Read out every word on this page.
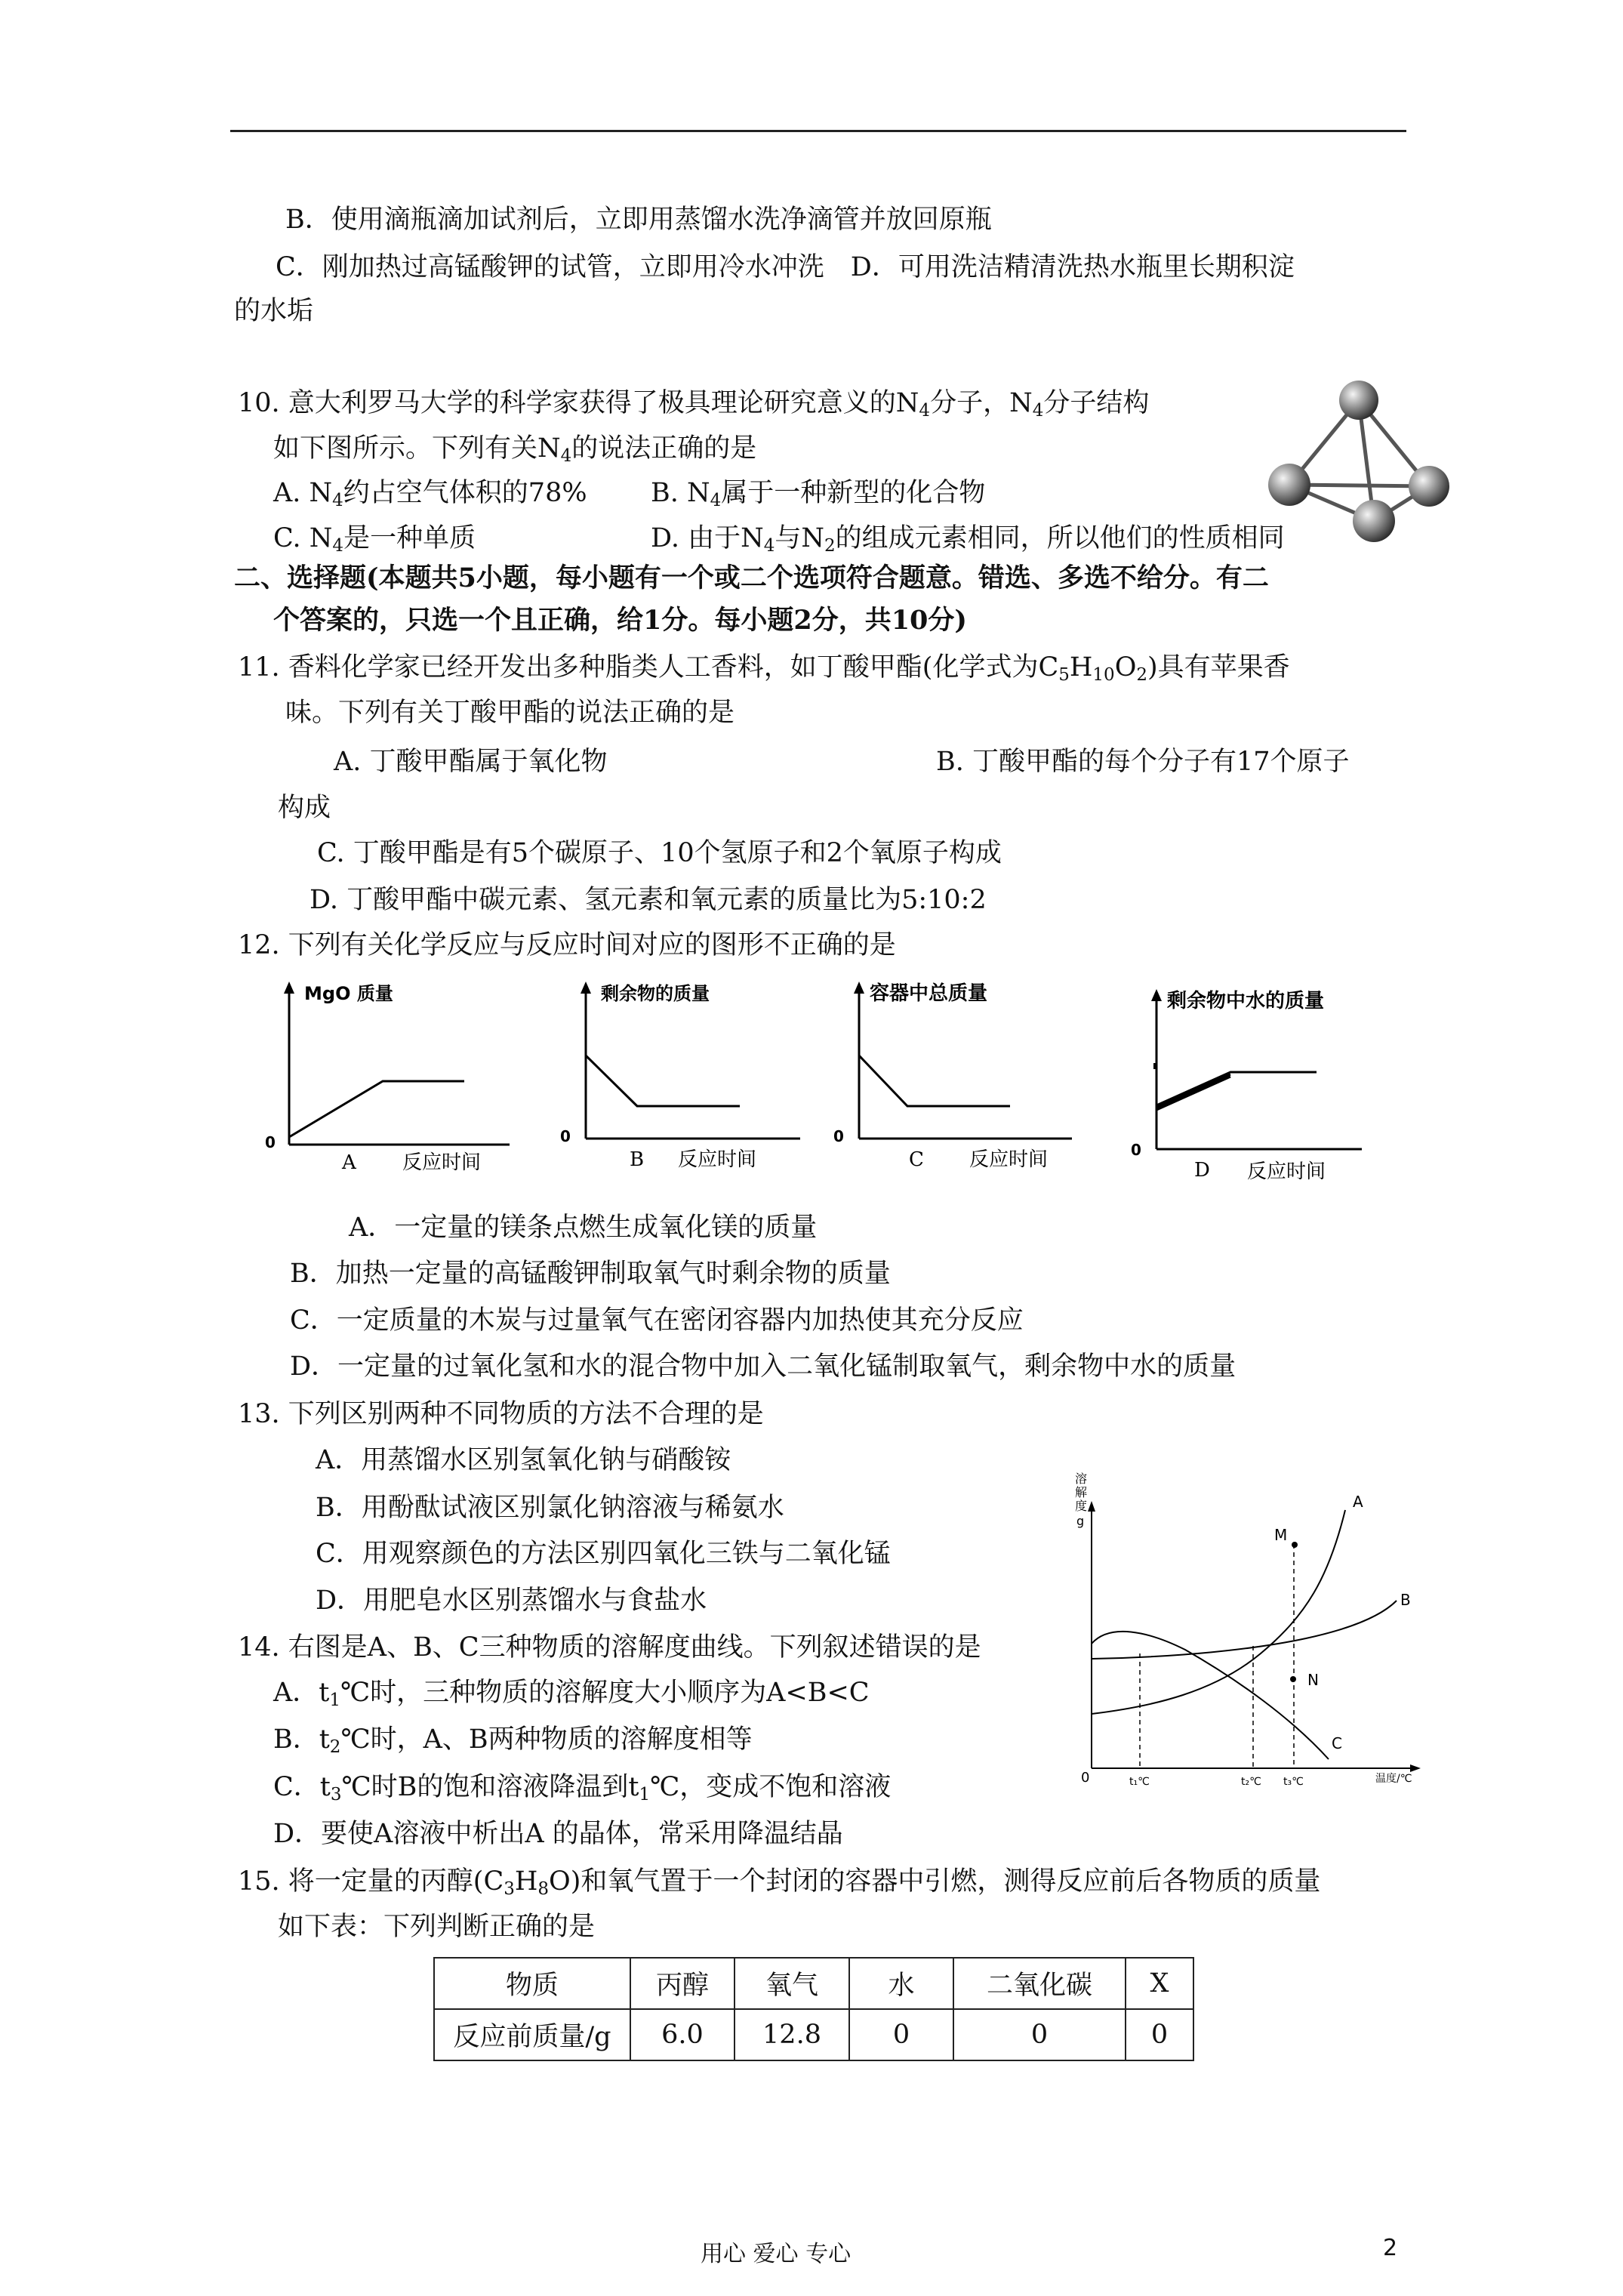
B．使用滴瓶滴加试剂后，立即用蒸馏水洗净滴管并放回原瓶
C．刚加热过高锰酸钾的试管，立即用冷水冲洗　D．可用洗洁精清洗热水瓶里长期积淀
的水垢
10. 意大利罗马大学的科学家获得了极具理论研究意义的$N_4$分子，$N_4$分子结构
如下图所示。下列有关$N_4$的说法正确的是
A. $N_4$约占空气体积的78% B. $N_4$属于一种新型的化合物
C. $N_4$是一种单质	D. 由于$N_4$与$N_2$的组成元素相同，所以他们的性质相同
二、选择题(本题共5小题，每小题有一个或二个选项符合题意。错选、多选不给分。有二
个答案的，只选一个且正确，给1分。每小题2分，共10分)
11. 香料化学家已经开发出多种脂类人工香料，如丁酸甲酯(化学式为$C_5H_{10}O_2$)具有苹果香
味。下列有关丁酸甲酯的说法正确的是
A. 丁酸甲酯属于氧化物	B. 丁酸甲酯的每个分子有17个原子
构成
C. 丁酸甲酯是有5个碳原子、10个氢原子和2个氧原子构成
D. 丁酸甲酯中碳元素、氢元素和氧元素的质量比为5:10:2
12. 下列有关化学反应与反应时间对应的图形不正确的是
MgO 质量
0
A 反应时间
剩余物的质量
0
B 反应时间
容器中总质量
0
C 反应时间
剩余物中水的质量
0
D 反应时间
A．一定量的镁条点燃生成氧化镁的质量
B．加热一定量的高锰酸钾制取氧气时剩余物的质量
C．一定质量的木炭与过量氧气在密闭容器内加热使其充分反应
D．一定量的过氧化氢和水的混合物中加入二氧化锰制取氧气，剩余物中水的质量
13. 下列区别两种不同物质的方法不合理的是
A．用蒸馏水区别氢氧化钠与硝酸铵
B．用酚酞试液区别氯化钠溶液与稀氨水
C．用观察颜色的方法区别四氧化三铁与二氧化锰
D．用肥皂水区别蒸馏水与食盐水
溶
解
度
g
0
A
B
C
M
N
t₁℃	t₂℃ t₃℃	温度/℃
14. 右图是A、B、C三种物质的溶解度曲线。下列叙述错误的是
A．$t_1℃$时，三种物质的溶解度大小顺序为A<B<C
B．$t_2℃$时，A、B两种物质的溶解度相等
C．$t_3℃$时B的饱和溶液降温到$t_1℃$，变成不饱和溶液
D．要使A溶液中析出A 的晶体，常采用降温结晶
15. 将一定量的丙醇$(C_3H_8O)$和氧气置于一个封闭的容器中引燃，测得反应前后各物质的质量
如下表：下列判断正确的是
物质	丙醇	氧气	水	二氧化碳	X
反应前质量/g	6.0	12.8	0	0	0
用心 爱心 专心	2
